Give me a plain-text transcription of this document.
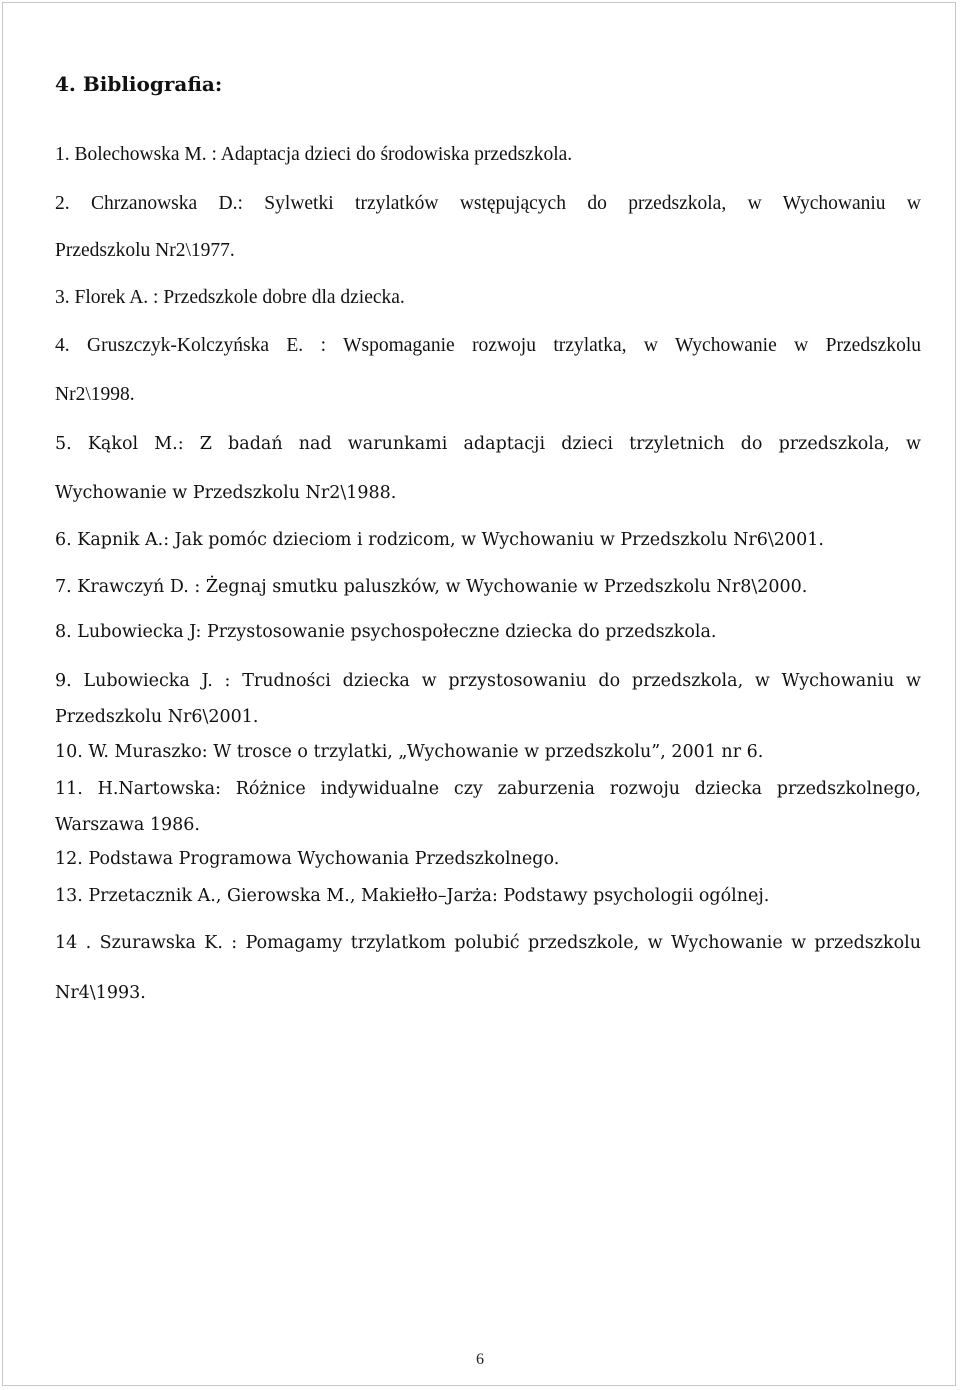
4. Bibliografia:
1. Bolechowska M. : Adaptacja dzieci do środowiska przedszkola.
2. Chrzanowska D.: Sylwetki trzylatków wstępujących do przedszkola, w Wychowaniu w
Przedszkolu Nr2\1977.
3. Florek A. : Przedszkole dobre dla dziecka.
4. Gruszczyk-Kolczyńska E. : Wspomaganie rozwoju trzylatka, w Wychowanie w Przedszkolu
Nr2\1998.
5. Kąkol M.: Z badań nad warunkami adaptacji dzieci trzyletnich do przedszkola, w
Wychowanie w Przedszkolu Nr2\1988.
6. Kapnik A.: Jak pomóc dzieciom i rodzicom, w Wychowaniu w Przedszkolu Nr6\2001.
7. Krawczyń D. : Żegnaj smutku paluszków, w Wychowanie w Przedszkolu Nr8\2000.
8. Lubowiecka J: Przystosowanie psychospołeczne dziecka do przedszkola.
9. Lubowiecka J. : Trudności dziecka w przystosowaniu do przedszkola, w Wychowaniu w
Przedszkolu Nr6\2001.
10. W. Muraszko: W trosce o trzylatki, „Wychowanie w przedszkolu”, 2001 nr 6.
11. H.Nartowska: Różnice indywidualne czy zaburzenia rozwoju dziecka przedszkolnego,
Warszawa 1986.
12. Podstawa Programowa Wychowania Przedszkolnego.
13. Przetacznik A., Gierowska M., Makiełło–Jarża: Podstawy psychologii ogólnej.
14 . Szurawska K. : Pomagamy trzylatkom polubić przedszkole, w Wychowanie w przedszkolu
Nr4\1993.
6
